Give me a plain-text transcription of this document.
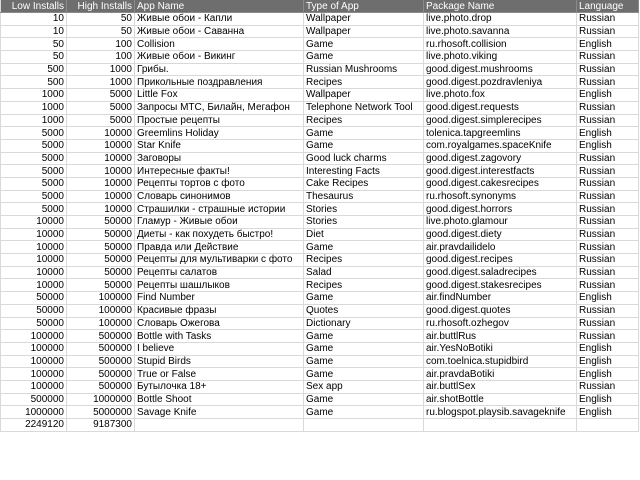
Low Installs	High Installs	App Name	Type of App	Package Name	Language
10	50	Живые обои - Капли	Wallpaper	live.photo.drop	Russian
10	50	Живые обои - Саванна	Wallpaper	live.photo.savanna	Russian
50	100	Collision	Game	ru.rhosoft.collision	English
50	100	Живые обои - Викинг	Game	live.photo.viking	Russian
500	1000	Грибы.	Russian Mushrooms	good.digest.mushrooms	Russian
500	1000	Прикольные поздравления	Recipes	good.digest.pozdravleniya	Russian
1000	5000	Little Fox	Wallpaper	live.photo.fox	English
1000	5000	Запросы МТС, Билайн, Мегафон	Telephone Network Tool	good.digest.requests	Russian
1000	5000	Простые рецепты	Recipes	good.digest.simplerecipes	Russian
5000	10000	Greemlins Holiday	Game	tolenica.tapgreemlins	English
5000	10000	Star Knife	Game	com.royalgames.spaceKnife	English
5000	10000	Заговоры	Good luck charms	good.digest.zagovory	Russian
5000	10000	Интересные факты!	Interesting Facts	good.digest.interestfacts	Russian
5000	10000	Рецепты тортов с фото	Cake Recipes	good.digest.cakesrecipes	Russian
5000	10000	Словарь синонимов	Thesaurus	ru.rhosoft.synonyms	Russian
5000	10000	Страшилки - страшные истории	Stories	good.digest.horrors	Russian
10000	50000	Гламур - Живые обои	Stories	live.photo.glamour	Russian
10000	50000	Диеты - как похудеть быстро!	Diet	good.digest.diety	Russian
10000	50000	Правда или Действие	Game	air.pravdailidelo	Russian
10000	50000	Рецепты для мультиварки с фото	Recipes	good.digest.recipes	Russian
10000	50000	Рецепты салатов	Salad	good.digest.saladrecipes	Russian
10000	50000	Рецепты шашлыков	Recipes	good.digest.stakesrecipes	Russian
50000	100000	Find Number	Game	air.findNumber	English
50000	100000	Красивые фразы	Quotes	good.digest.quotes	Russian
50000	100000	Словарь Ожегова	Dictionary	ru.rhosoft.ozhegov	Russian
100000	500000	Bottle with Tasks	Game	air.buttlRus	Russian
100000	500000	I believe	Game	air.YesNoBotiki	English
100000	500000	Stupid Birds	Game	com.toelnica.stupidbird	English
100000	500000	True or False	Game	air.pravdaBotiki	English
100000	500000	Бутылочка 18+	Sex app	air.buttlSex	Russian
500000	1000000	Bottle Shoot	Game	air.shotBottle	English
1000000	5000000	Savage Knife	Game	ru.blogspot.playsib.savageknife	English
2249120	9187300				
